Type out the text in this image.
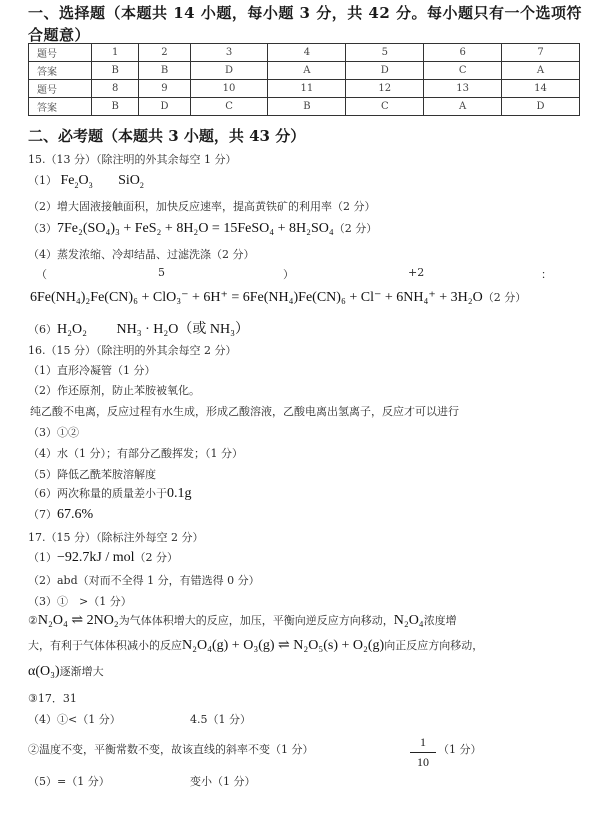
一、选择题（本题共 14 小题，每小题 3 分，共 42 分。每小题只有一个选项符合题意）
题号	1	2	3	4	5	6	7
答案	B	B	D	A	D	C	A
题号	8	9	10	11	12	13	14
答案	B	D	C	B	C	A	D
二、必考题（本题共 3 小题，共 43 分）
15.（13 分）（除注明的外其余每空 1 分）
（1） $Fe_2O_3$ SiO$_2$
（2）增大固液接触面积，加快反应速率，提高黄铁矿的利用率（2 分）
（3）7Fe₂(SO₄)₃ + FeS₂ + 8H₂O = 15FeSO₄ + 8H₂SO₄（2 分）
（4）蒸发浓缩、冷却结晶、过滤洗涤（2 分）
（	5	）	+2	：
6Fe(NH₄)₂Fe(CN)₆ + ClO₃⁻ + 6H⁺ = 6Fe(NH₄)Fe(CN)₆ + Cl⁻ + 6NH₄⁺ + 3H₂O（2 分）
（6）H₂O₂ NH₃ · H₂O（或 NH₃）
16.（15 分）（除注明的外其余每空 2 分）
（1）直形冷凝管（1 分）
（2）作还原剂，防止苯胺被氧化。
纯乙酸不电离，反应过程有水生成，形成乙酸溶液，乙酸电离出氢离子，反应才可以进行
（3）①②
（4）水（1 分）；有部分乙酸挥发；（1 分）
（5）降低乙酰苯胺溶解度
（6）两次称量的质量差小于0.1g
（7）67.6%
17.（15 分）（除标注外每空 2 分）
（1）−92.7kJ / mol（2 分）
（2）abd（对而不全得 1 分，有错选得 0 分）
（3）①　>（1 分）
②N₂O₄ ⇌ 2NO₂为气体体积增大的反应，加压，平衡向逆反应方向移动，N₂O₄浓度增
大，有利于气体体积减小的反应N₂O₄(g) + O₃(g) ⇌ N₂O₅(s) + O₂(g)向正反应方向移动，
α(O₃)逐渐增大
③17．31
（4）①<（1 分）	4.5（1 分）
②温度不变，平衡常数不变，故该直线的斜率不变（1 分）	$\frac{1}{10} (1$ 分）
（5）=（1 分）	变小（1 分）
